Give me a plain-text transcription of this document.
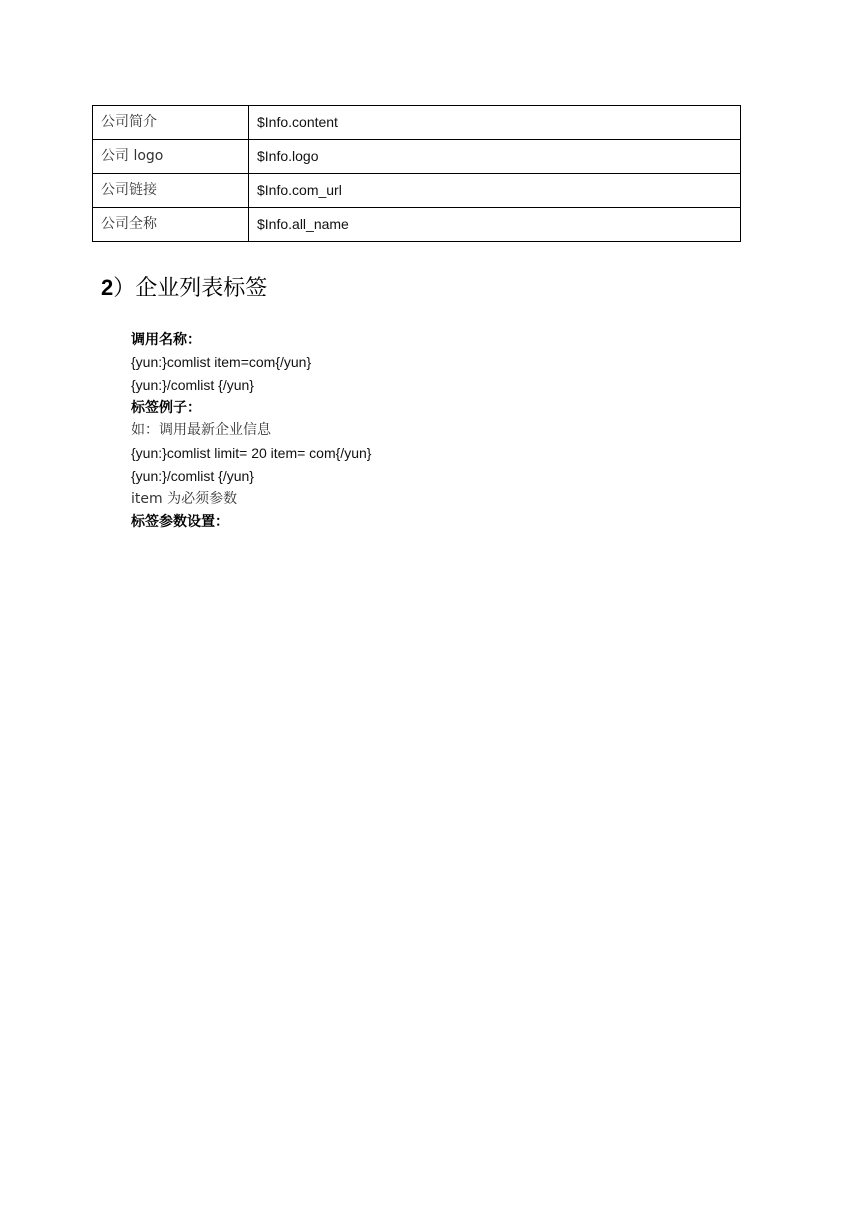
公司简介	$Info.content
公司 logo	$Info.logo
公司链接	$Info.com_url
公司全称	$Info.all_name
2）企业列表标签
调用名称：
{yun:}comlist item=com{/yun}
{yun:}/comlist {/yun}
标签例子：
如：调用最新企业信息
{yun:}comlist limit= 20 item= com{/yun}
{yun:}/comlist {/yun}
item 为必须参数
标签参数设置：
